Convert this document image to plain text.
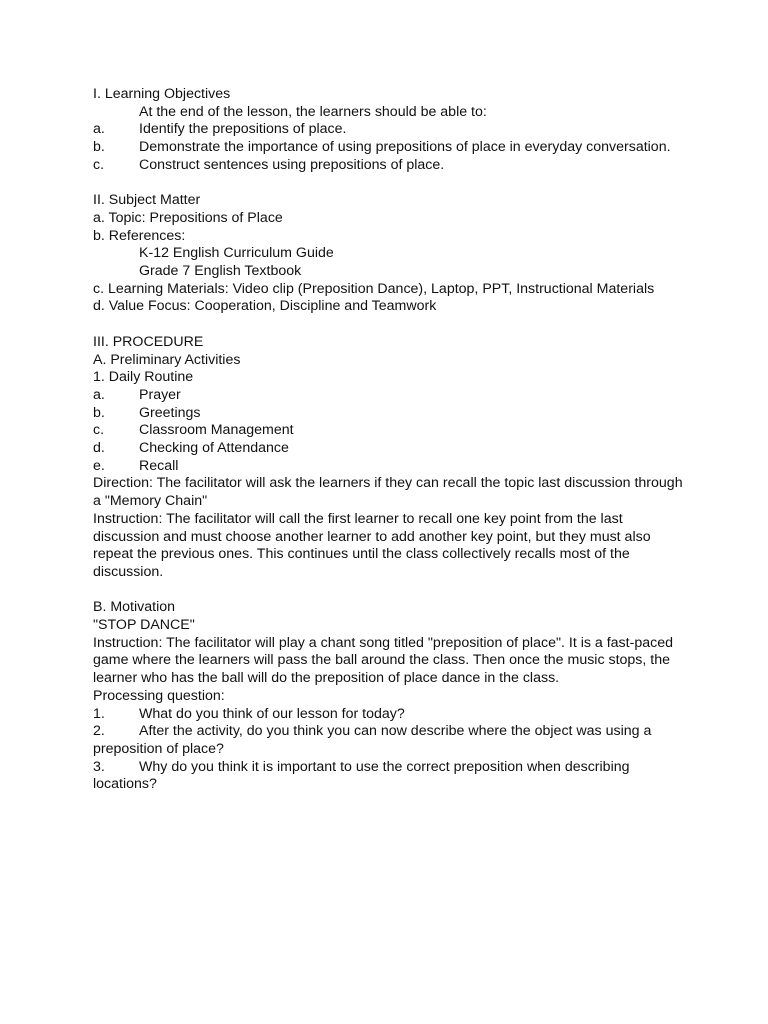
I. Learning Objectives
At the end of the lesson, the learners should be able to:
a.	Identify the prepositions of place.
b.	Demonstrate the importance of using prepositions of place in everyday conversation.
c.	Construct sentences using prepositions of place.
II. Subject Matter
a. Topic: Prepositions of Place
b. References:
K-12 English Curriculum Guide
Grade 7 English Textbook
c. Learning Materials: Video clip (Preposition Dance), Laptop, PPT, Instructional Materials
d. Value Focus: Cooperation, Discipline and Teamwork
III. PROCEDURE
A. Preliminary Activities
1. Daily Routine
a.	Prayer
b.	Greetings
c.	Classroom Management
d.	Checking of Attendance
e.	Recall
Direction: The facilitator will ask the learners if they can recall the topic last discussion through a "Memory Chain"
Instruction: The facilitator will call the first learner to recall one key point from the last discussion and must choose another learner to add another key point, but they must also repeat the previous ones. This continues until the class collectively recalls most of the discussion.
B. Motivation
"STOP DANCE"
Instruction: The facilitator will play a chant song titled "preposition of place". It is a fast-paced game where the learners will pass the ball around the class. Then once the music stops, the learner who has the ball will do the preposition of place dance in the class.
Processing question:
1. What do you think of our lesson for today?
2. After the activity, do you think you can now describe where the object was using a preposition of place?
3. Why do you think it is important to use the correct preposition when describing locations?
